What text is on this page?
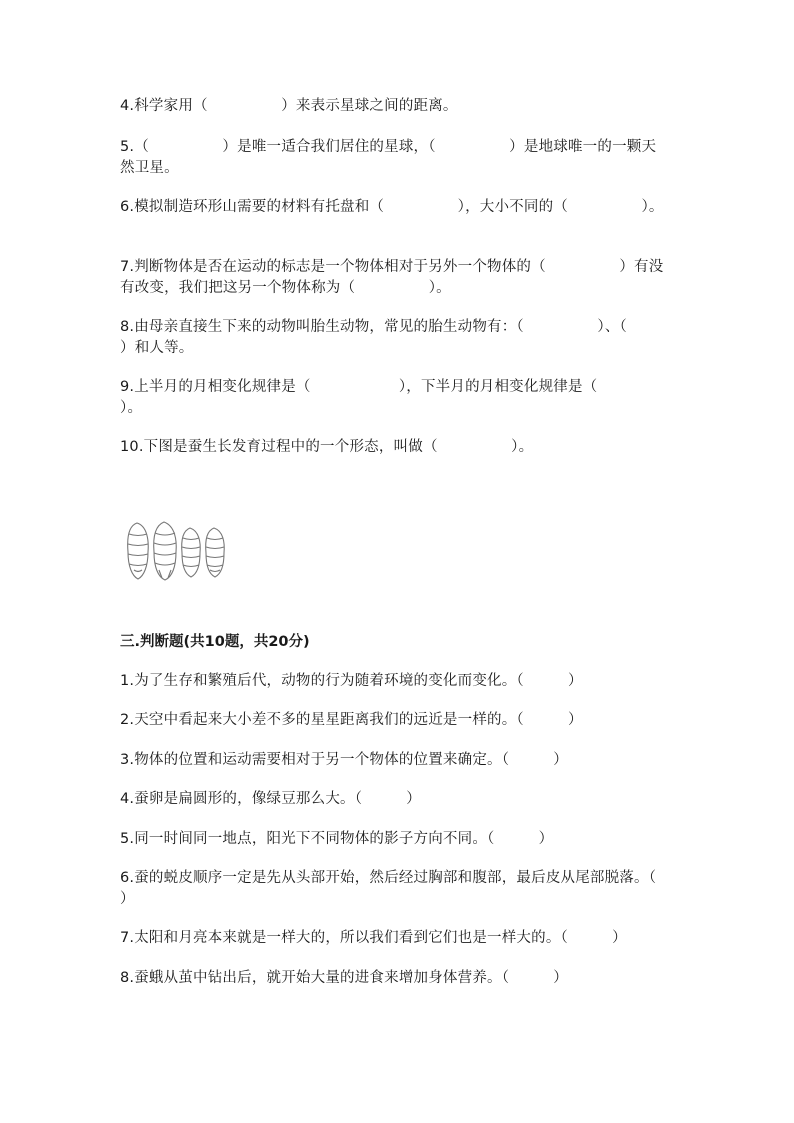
4.科学家用（　　　　　）来表示星球之间的距离。
5.（　　　　　）是唯一适合我们居住的星球，（　　　　　）是地球唯一的一颗天然卫星。
6.模拟制造环形山需要的材料有托盘和（　　　　　），大小不同的（　　　　　）。
7.判断物体是否在运动的标志是一个物体相对于另外一个物体的（　　　　　）有没有改变，我们把这另一个物体称为（　　　　　）。
8.由母亲直接生下来的动物叫胎生动物，常见的胎生动物有：（　　　　　）、（　　　　　）和人等。
9.上半月的月相变化规律是（　　　　　　），下半月的月相变化规律是（　　　　　　）。
10.下图是蚕生长发育过程中的一个形态，叫做（　　　　　）。
三.判断题(共10题，共20分)
1.为了生存和繁殖后代，动物的行为随着环境的变化而变化。（　　　）
2.天空中看起来大小差不多的星星距离我们的远近是一样的。（　　　）
3.物体的位置和运动需要相对于另一个物体的位置来确定。（　　　）
4.蚕卵是扁圆形的，像绿豆那么大。（　　　）
5.同一时间同一地点，阳光下不同物体的影子方向不同。（　　　）
6.蚕的蜕皮顺序一定是先从头部开始，然后经过胸部和腹部，最后皮从尾部脱落。（　　　）
7.太阳和月亮本来就是一样大的，所以我们看到它们也是一样大的。（　　　）
8.蚕蛾从茧中钻出后，就开始大量的进食来增加身体营养。（　　　）
